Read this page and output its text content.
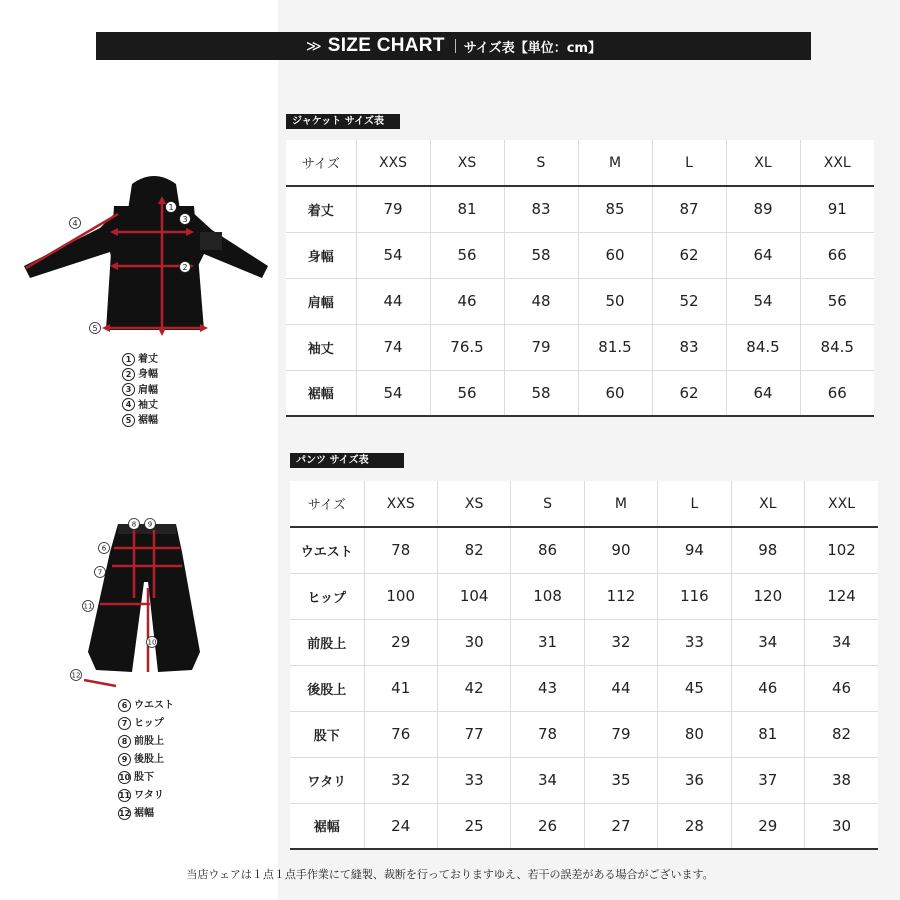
≫ SIZE CHART サイズ表【単位：cm】
1
2
3
4
5
1 着丈
2 身幅
3 肩幅
4 袖丈
5 裾幅
6
7
8 9
10
11
12
6 ウエスト
7 ヒップ
8 前股上
9 後股上
10 股下
11 ワタリ
12 裾幅
ジャケット サイズ表
サイズ	XXS	XS	S	M	L	XL	XXL
着丈	79	81	83	85	87	89	91
身幅	54	56	58	60	62	64	66
肩幅	44	46	48	50	52	54	56
袖丈	74	76.5	79	81.5	83	84.5	84.5
裾幅	54	56	58	60	62	64	66
パンツ サイズ表
サイズ	XXS	XS	S	M	L	XL	XXL
ウエスト	78	82	86	90	94	98	102
ヒップ	100	104	108	112	116	120	124
前股上	29	30	31	32	33	34	34
後股上	41	42	43	44	45	46	46
股下	76	77	78	79	80	81	82
ワタリ	32	33	34	35	36	37	38
裾幅	24	25	26	27	28	29	30
当店ウェアは１点１点手作業にて縫製、裁断を行っておりますゆえ、若干の誤差がある場合がございます。
